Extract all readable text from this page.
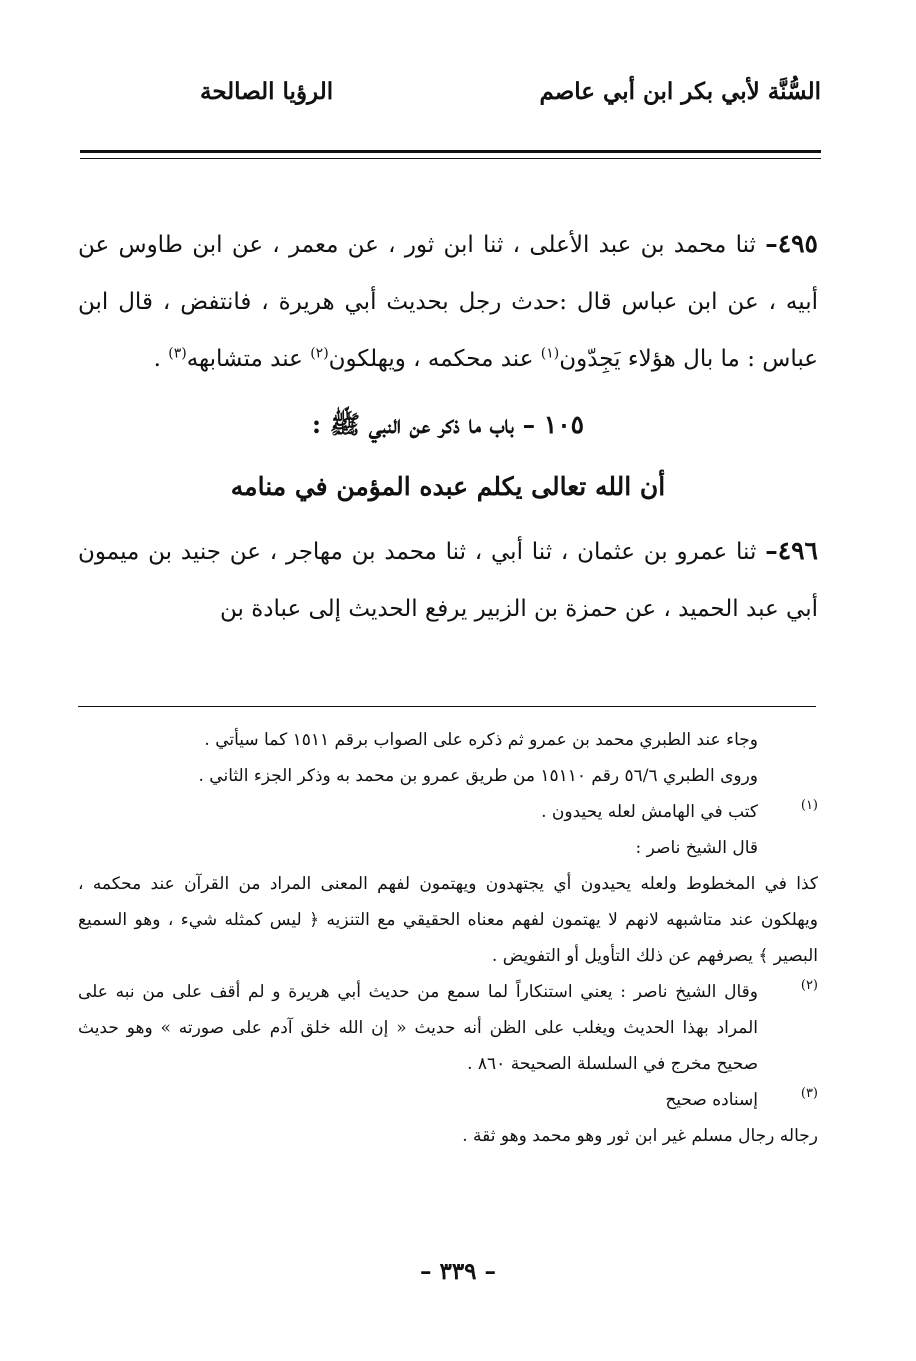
السُّنَّة لأبي بكر ابن أبي عاصم
الرؤيا الصالحة

٤٩٥– ثنا محمد بن عبد الأعلى ، ثنا ابن ثور ، عن معمر ، عن ابن طاوس عن أبيه ، عن ابن عباس قال :حدث رجل بحديث أبي هريرة ، فانتفض ، قال ابن عباس : ما بال هؤلاء يَجِدّون$^{(١)}$ عند محكمه ، ويهلكون$^{(٢)}$ عند متشابهه$^{(٣)}$ .

١٠٥ – باب ما ذكر عن النبي ﷺ :
أن الله تعالى يكلم عبده المؤمن في منامه

٤٩٦– ثنا عمرو بن عثمان ، ثنا أبي ، ثنا محمد بن مهاجر ، عن جنيد بن ميمون أبي عبد الحميد ، عن حمزة بن الزبير يرفع الحديث إلى عبادة بن

وجاء عند الطبري محمد بن عمرو ثم ذكره على الصواب برقم ١٥١١ كما سيأتي .
وروى الطبري ٥٦/٦ رقم ١٥١١٠ من طريق عمرو بن محمد به وذكر الجزء الثاني .
(١)
كتب في الهامش لعله يحيدون .
قال الشيخ ناصر :
كذا في المخطوط ولعله يحيدون أي يجتهدون ويهتمون لفهم المعنى المراد من القرآن عند محكمه ، ويهلكون عند متاشبهه لانهم لا يهتمون لفهم معناه الحقيقي مع التنزيه ﴿ ليس كمثله شيء ، وهو السميع البصير ﴾ يصرفهم عن ذلك التأويل أو التفويض .
(٢)
وقال الشيخ ناصر : يعني استنكاراً لما سمع من حديث أبي هريرة و لم أقف على من نبه على المراد بهذا الحديث ويغلب على الظن أنه حديث « إن الله خلق آدم على صورته » وهو حديث صحيح مخرج في السلسلة الصحيحة ٨٦٠ .
(٣)
إسناده صحيح
رجاله رجال مسلم غير ابن ثور وهو محمد وهو ثقة .
– ٣٣٩ –
